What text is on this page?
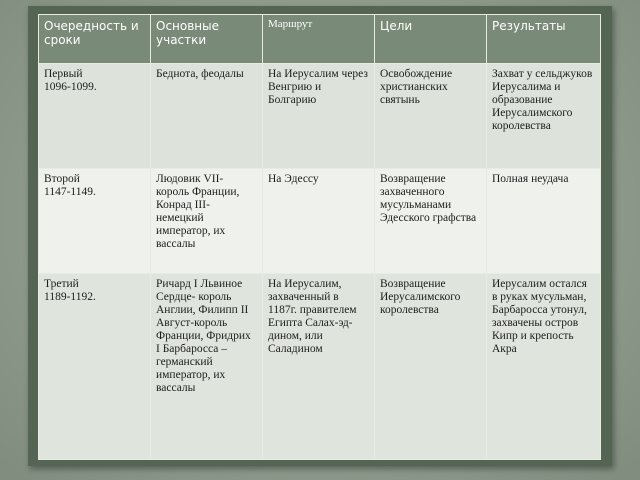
Очередность и сроки	Основные участки	Маршрут	Цели	Результаты
Первый
1096-1099.	Беднота, феодалы	На Иерусалим через Венгрию и Болгарию	Освобождение христианских святынь	Захват у сельджуков Иерусалима и образование Иерусалимского королевства
Второй
1147-1149.	Людовик VII- король Франции, Конрад III- немецкий император, их вассалы	На Эдессу	Возвращение захваченного мусульманами Эдесского графства	Полная неудача
Третий
1189-1192.	Ричард I Львиное Сердце- король Англии, Филипп II Август-король Франции, Фридрих I Барбаросса – германский император, их вассалы	На Иерусалим, захваченный в 1187г. правителем Египта Салах-эд-дином, или Саладином	Возвращение Иерусалимского королевства	Иерусалим остался в руках мусульман, Барбаросса утонул, захвачены остров Кипр и крепость Акра
